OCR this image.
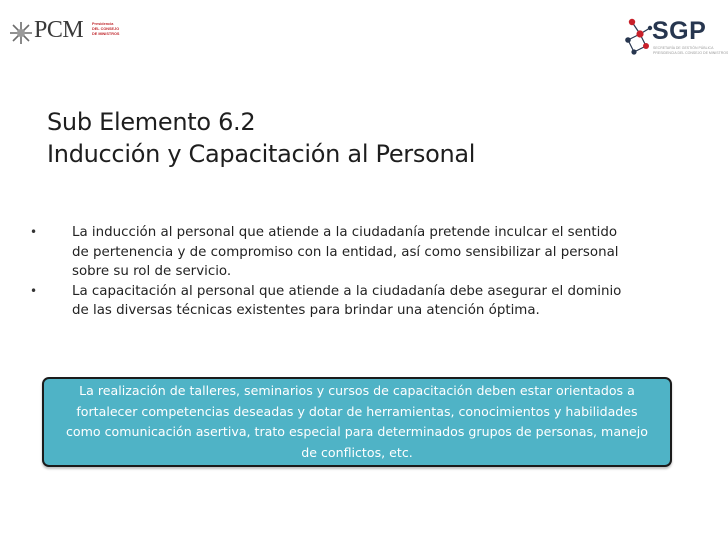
PCM Presidencia
DEL CONSEJO
DE MINISTROS	SGP
SECRETARÍA DE GESTIÓN PÚBLICA
PRESIDENCIA DEL CONSEJO DE MINISTROS
Sub Elemento 6.2
Inducción y Capacitación al Personal
•	La inducción al personal que atiende a la ciudadanía pretende inculcar el sentido
de pertenencia y de compromiso con la entidad, así como sensibilizar al personal
sobre su rol de servicio.
•	La capacitación al personal que atiende a la ciudadanía debe asegurar el dominio
de las diversas técnicas existentes para brindar una atención óptima.

La realización de talleres, seminarios y cursos de capacitación deben estar orientados a
fortalecer competencias deseadas y dotar de herramientas, conocimientos y habilidades
como comunicación asertiva, trato especial para determinados grupos de personas, manejo
de conflictos, etc.
